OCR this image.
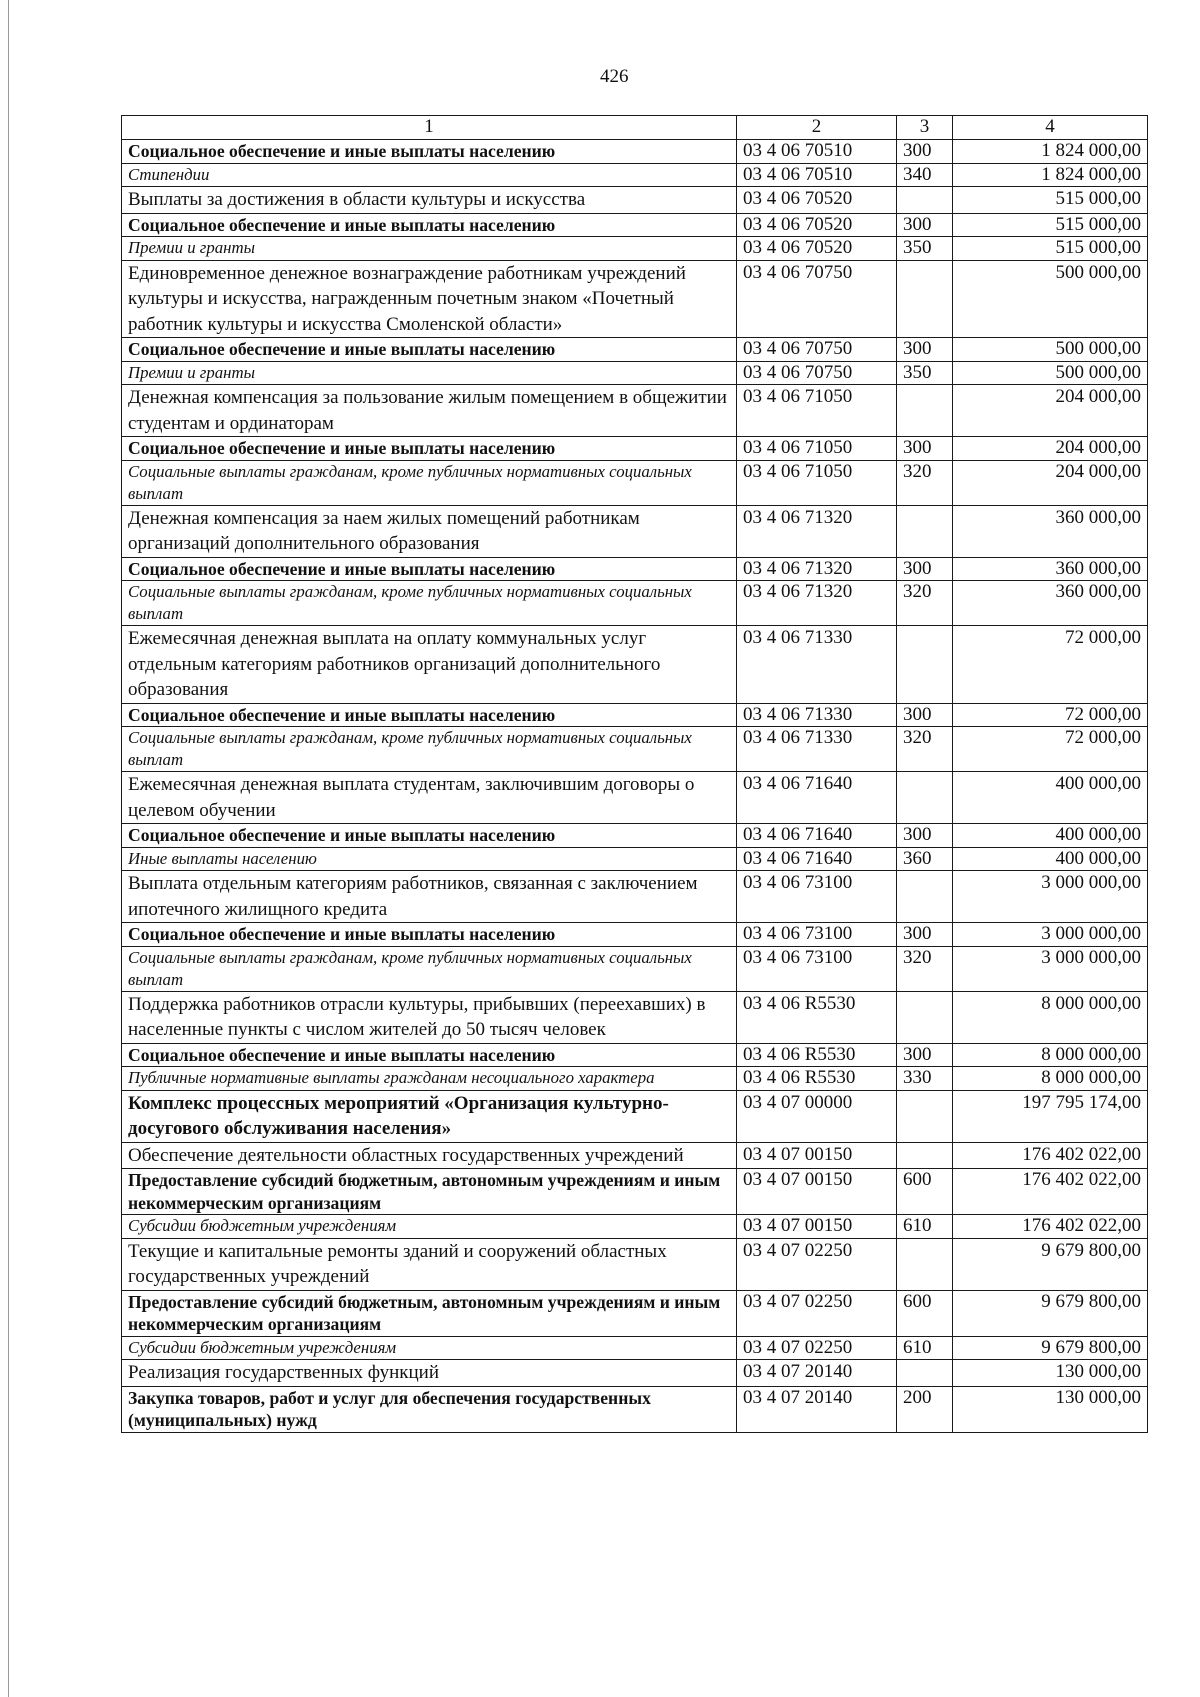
426
1	2	3	4
Социальное обеспечение и иные выплаты населению	03 4 06 70510	300	1 824 000,00
Стипендии	03 4 06 70510	340	1 824 000,00
Выплаты за достижения в области культуры и искусства	03 4 06 70520		515 000,00
Социальное обеспечение и иные выплаты населению	03 4 06 70520	300	515 000,00
Премии и гранты	03 4 06 70520	350	515 000,00
Единовременное денежное вознаграждение работникам учреждений культуры и искусства, награжденным почетным знаком «Почетный работник культуры и искусства Смоленской области»	03 4 06 70750		500 000,00
Социальное обеспечение и иные выплаты населению	03 4 06 70750	300	500 000,00
Премии и гранты	03 4 06 70750	350	500 000,00
Денежная компенсация за пользование жилым помещением в общежитии студентам и ординаторам	03 4 06 71050		204 000,00
Социальное обеспечение и иные выплаты населению	03 4 06 71050	300	204 000,00
Социальные выплаты гражданам, кроме публичных нормативных социальных выплат	03 4 06 71050	320	204 000,00
Денежная компенсация за наем жилых помещений работникам организаций дополнительного образования	03 4 06 71320		360 000,00
Социальное обеспечение и иные выплаты населению	03 4 06 71320	300	360 000,00
Социальные выплаты гражданам, кроме публичных нормативных социальных выплат	03 4 06 71320	320	360 000,00
Ежемесячная денежная выплата на оплату коммунальных услуг отдельным категориям работников организаций дополнительного образования	03 4 06 71330		72 000,00
Социальное обеспечение и иные выплаты населению	03 4 06 71330	300	72 000,00
Социальные выплаты гражданам, кроме публичных нормативных социальных выплат	03 4 06 71330	320	72 000,00
Ежемесячная денежная выплата студентам, заключившим договоры о целевом обучении	03 4 06 71640		400 000,00
Социальное обеспечение и иные выплаты населению	03 4 06 71640	300	400 000,00
Иные выплаты населению	03 4 06 71640	360	400 000,00
Выплата отдельным категориям работников, связанная с заключением ипотечного жилищного кредита	03 4 06 73100		3 000 000,00
Социальное обеспечение и иные выплаты населению	03 4 06 73100	300	3 000 000,00
Социальные выплаты гражданам, кроме публичных нормативных социальных выплат	03 4 06 73100	320	3 000 000,00
Поддержка работников отрасли культуры, прибывших (переехавших) в населенные пункты с числом жителей до 50 тысяч человек	03 4 06 R5530		8 000 000,00
Социальное обеспечение и иные выплаты населению	03 4 06 R5530	300	8 000 000,00
Публичные нормативные выплаты гражданам несоциального характера	03 4 06 R5530	330	8 000 000,00
Комплекс процессных мероприятий «Организация культурно-досугового обслуживания населения»	03 4 07 00000		197 795 174,00
Обеспечение деятельности областных государственных учреждений	03 4 07 00150		176 402 022,00
Предоставление субсидий бюджетным, автономным учреждениям и иным некоммерческим организациям	03 4 07 00150	600	176 402 022,00
Субсидии бюджетным учреждениям	03 4 07 00150	610	176 402 022,00
Текущие и капитальные ремонты зданий и сооружений областных государственных учреждений	03 4 07 02250		9 679 800,00
Предоставление субсидий бюджетным, автономным учреждениям и иным некоммерческим организациям	03 4 07 02250	600	9 679 800,00
Субсидии бюджетным учреждениям	03 4 07 02250	610	9 679 800,00
Реализация государственных функций	03 4 07 20140		130 000,00
Закупка товаров, работ и услуг для обеспечения государственных (муниципальных) нужд	03 4 07 20140	200	130 000,00
